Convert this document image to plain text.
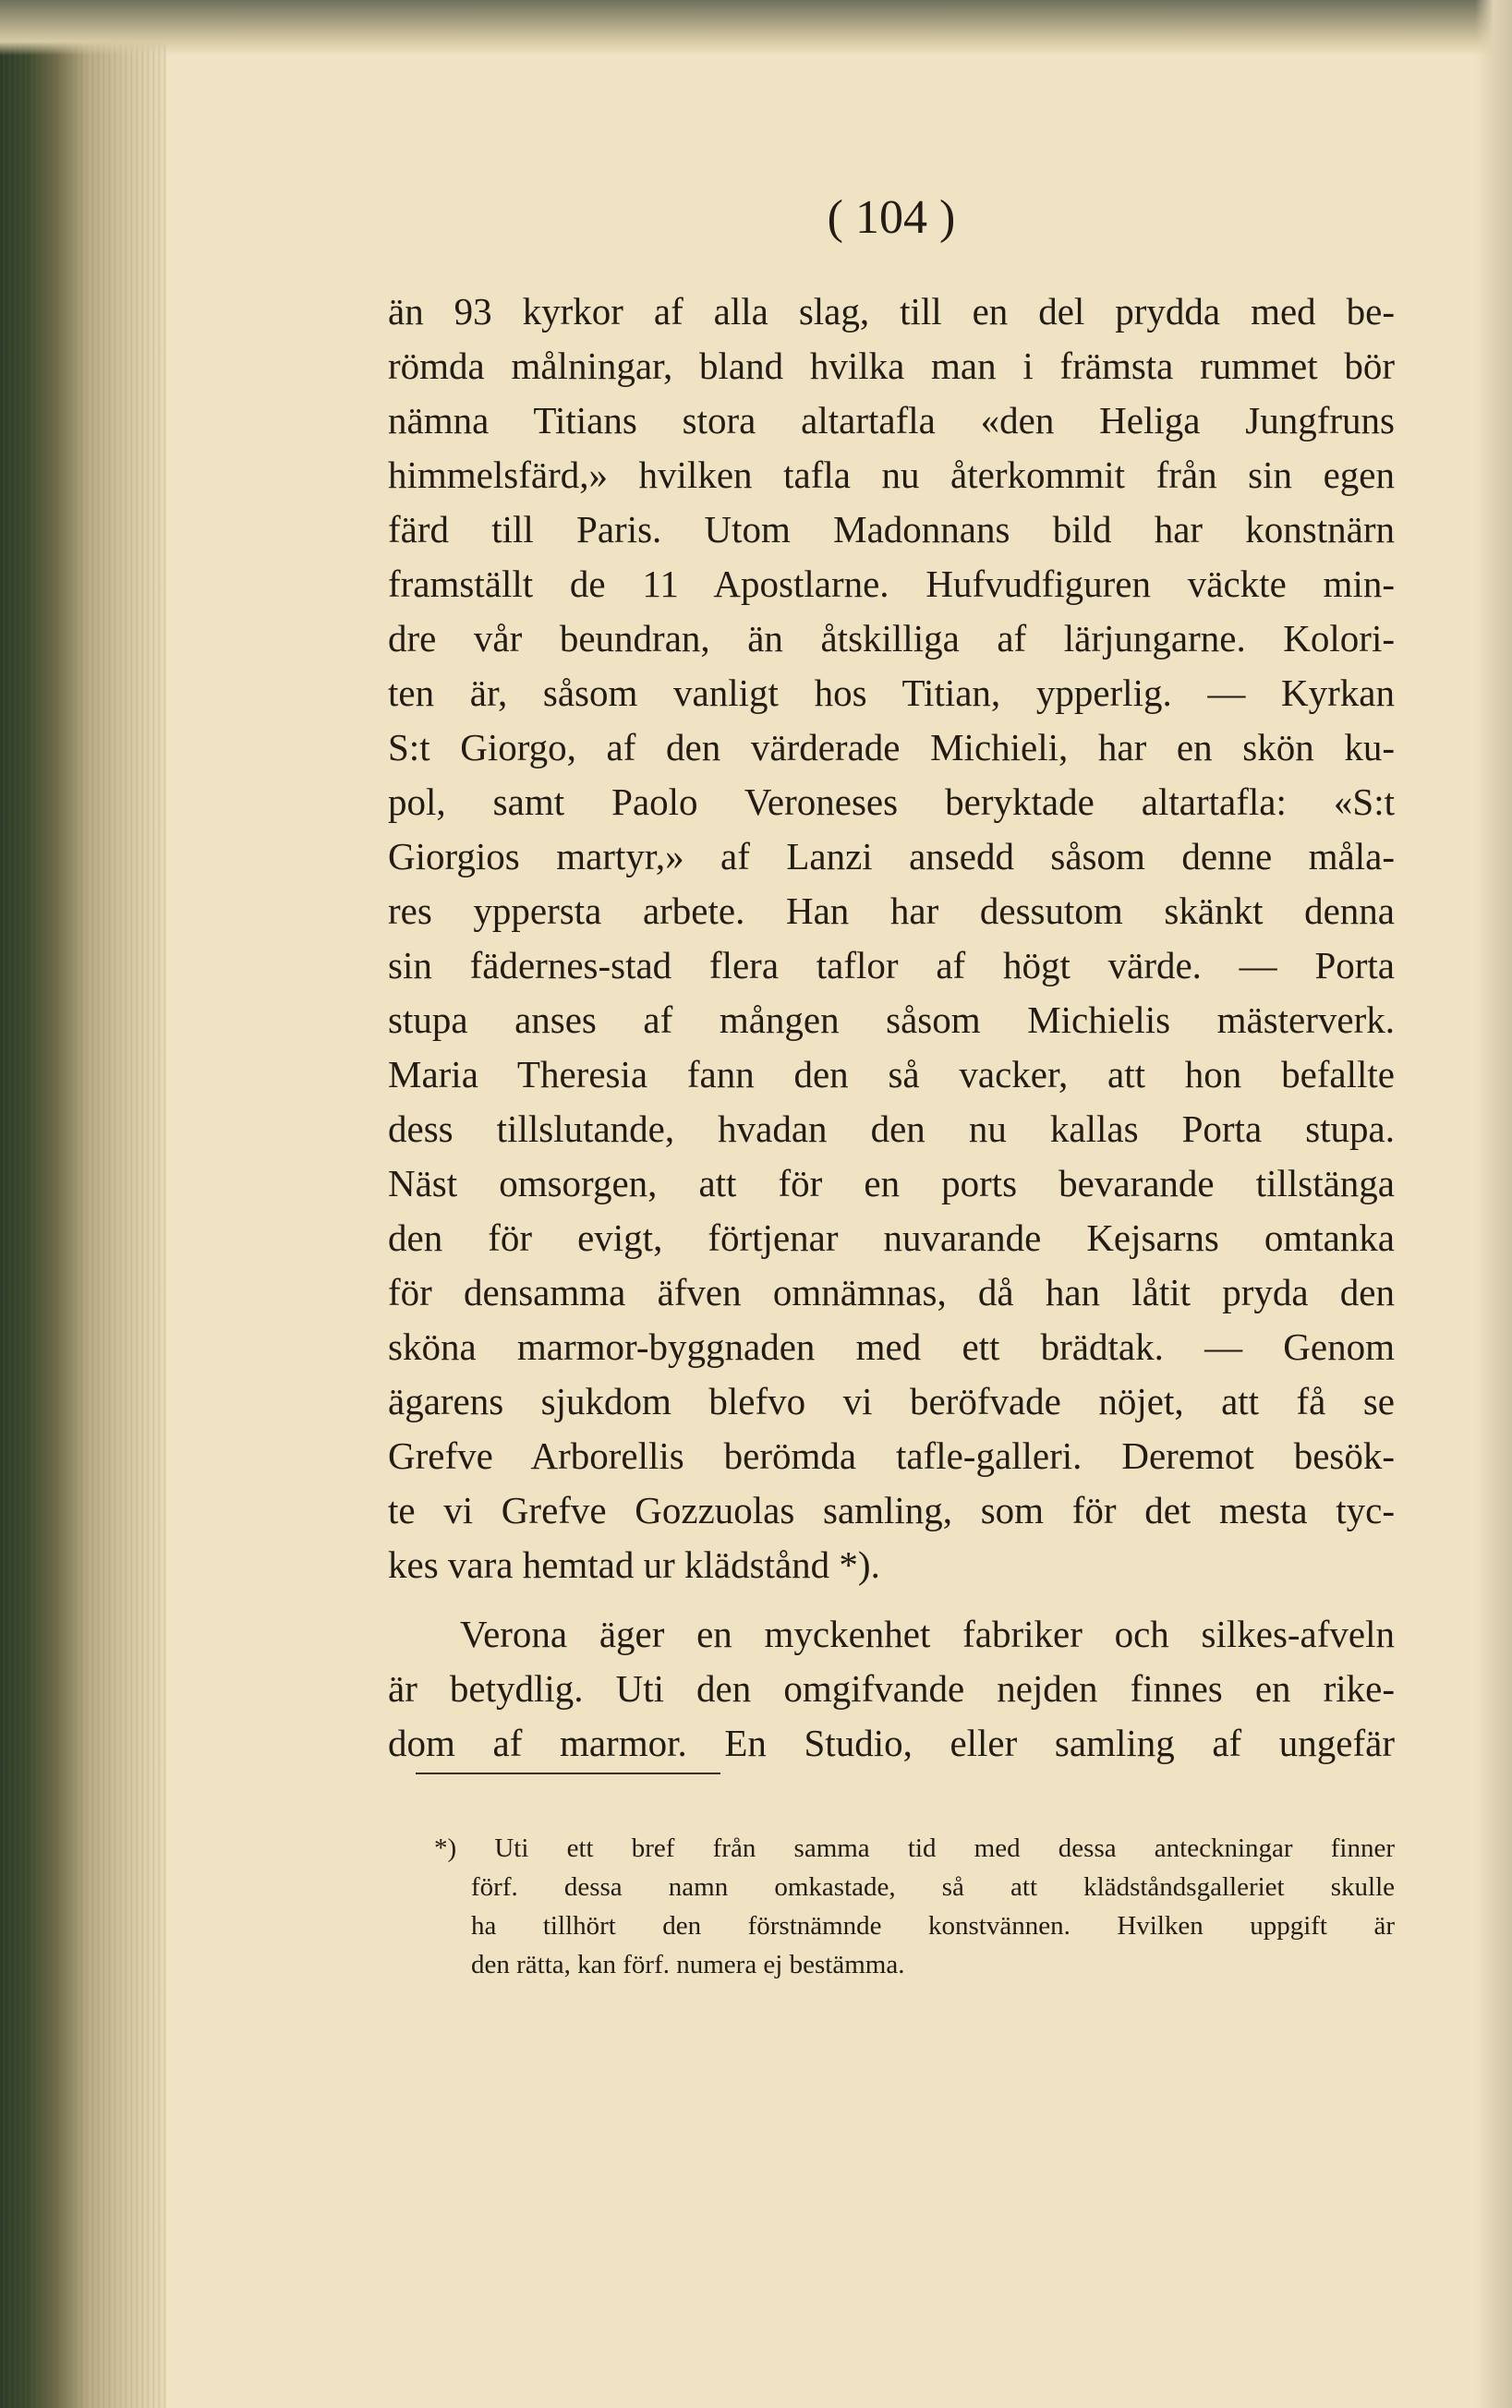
( 104 )
än 93 kyrkor af alla slag, till en del prydda med be-
römda målningar, bland hvilka man i främsta rummet bör
nämna Titians stora altartafla «den Heliga Jungfruns
himmelsfärd,» hvilken tafla nu återkommit från sin egen
färd till Paris. Utom Madonnans bild har konstnärn
framställt de 11 Apostlarne. Hufvudfiguren väckte min-
dre vår beundran, än åtskilliga af lärjungarne. Kolori-
ten är, såsom vanligt hos Titian, ypperlig. — Kyrkan
S:t Giorgo, af den värderade Michieli, har en skön ku-
pol, samt Paolo Veroneses beryktade altartafla: «S:t
Giorgios martyr,» af Lanzi ansedd såsom denne måla-
res yppersta arbete. Han har dessutom skänkt denna
sin fädernes-stad flera taflor af högt värde. — Porta
stupa anses af mången såsom Michielis mästerverk.
Maria Theresia fann den så vacker, att hon befallte
dess tillslutande, hvadan den nu kallas Porta stupa.
Näst omsorgen, att för en ports bevarande tillstänga
den för evigt, förtjenar nuvarande Kejsarns omtanka
för densamma äfven omnämnas, då han låtit pryda den
sköna marmor-byggnaden med ett brädtak. — Genom
ägarens sjukdom blefvo vi beröfvade nöjet, att få se
Grefve Arborellis berömda tafle-galleri. Deremot besök-
te vi Grefve Gozzuolas samling, som för det mesta tyc-
kes vara hemtad ur klädstånd *).
Verona äger en myckenhet fabriker och silkes-afveln
är betydlig. Uti den omgifvande nejden finnes en rike-
dom af marmor. En Studio, eller samling af ungefär
*) Uti ett bref från samma tid med dessa anteckningar finner
förf. dessa namn omkastade, så att klädståndsgalleriet skulle
ha tillhört den förstnämnde konstvännen. Hvilken uppgift är
den rätta, kan förf. numera ej bestämma.
